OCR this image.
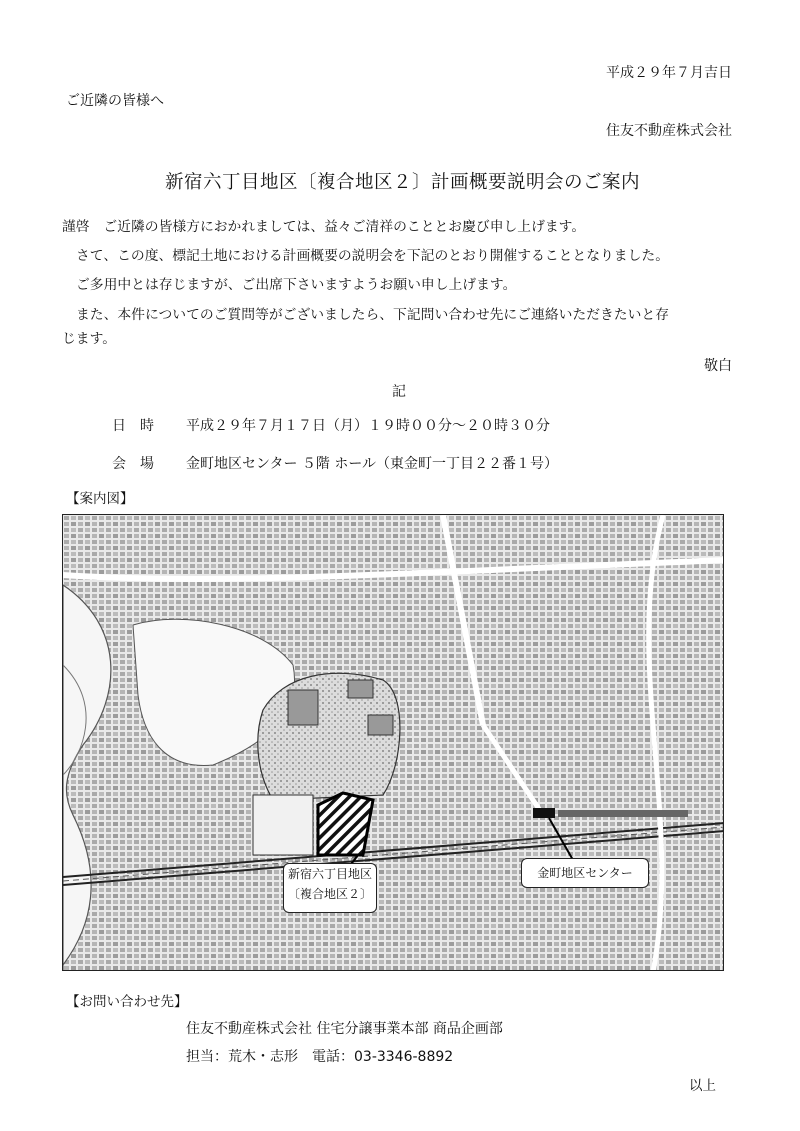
平成２９年７月吉日
ご近隣の皆様へ
住友不動産株式会社
新宿六丁目地区〔複合地区２〕計画概要説明会のご案内
謹啓　ご近隣の皆様方におかれましては、益々ご清祥のこととお慶び申し上げます。
さて、この度、標記土地における計画概要の説明会を下記のとおり開催することとなりました。
ご多用中とは存じますが、ご出席下さいますようお願い申し上げます。
また、本件についてのご質問等がございましたら、下記問い合わせ先にご連絡いただきたいと存
じます。
敬白
記
日　時 平成２９年７月１７日（月）１９時００分～２０時３０分
会　場 金町地区センター ５階 ホール（東金町一丁目２２番１号）
【案内図】
新宿六丁目地区
〔複合地区２〕
金町地区センター
【お問い合わせ先】
住友不動産株式会社 住宅分譲事業本部 商品企画部
担当：荒木・志形　電話：03-3346-8892
以上
